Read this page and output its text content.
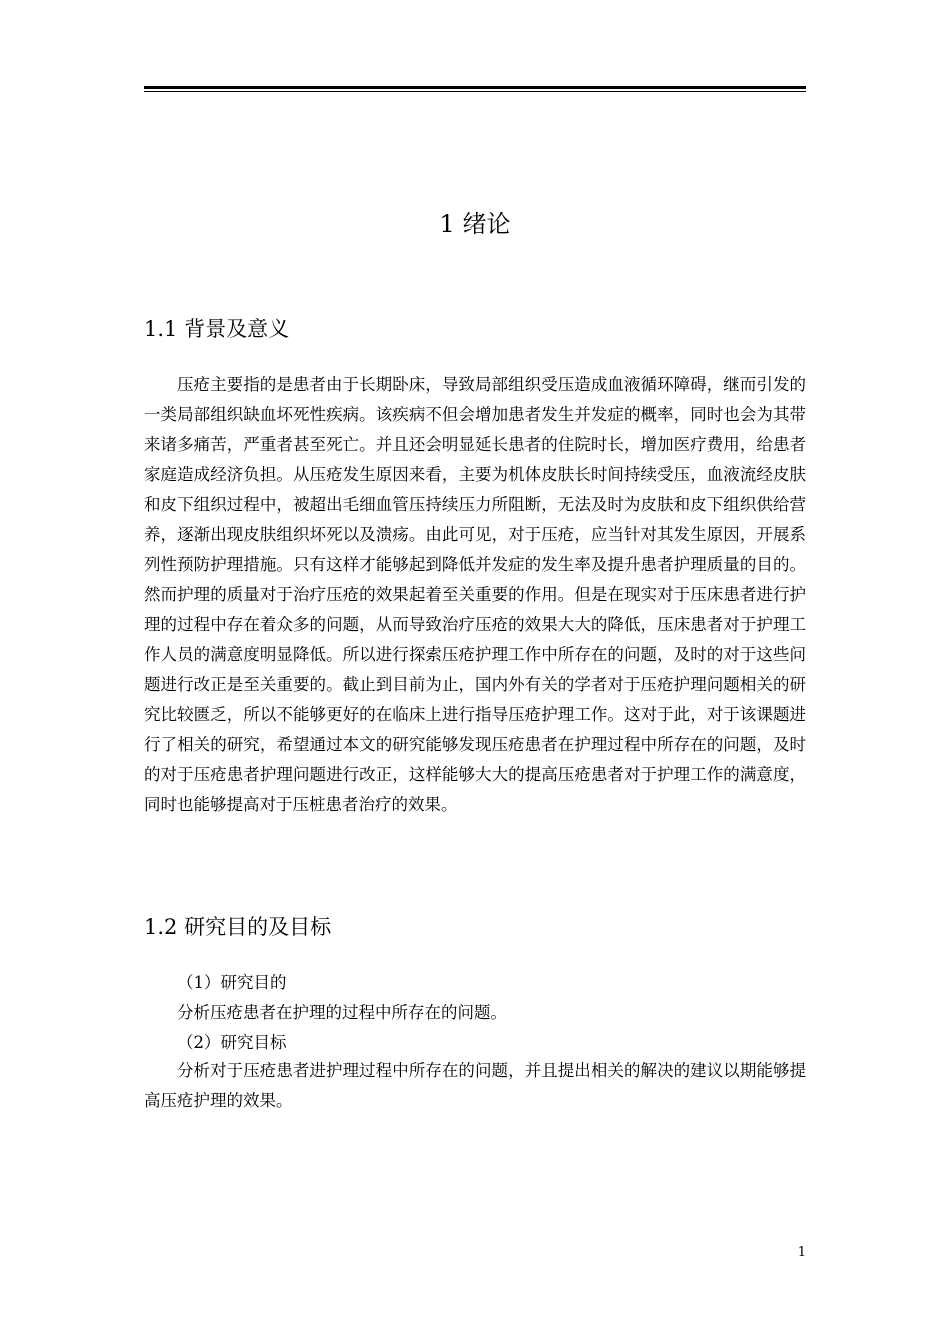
1 绪论
1.1 背景及意义

压疮主要指的是患者由于长期卧床，导致局部组织受压造成血液循环障碍，继而引发的一类局部组织缺血坏死性疾病。该疾病不但会增加患者发生并发症的概率，同时也会为其带来诸多痛苦，严重者甚至死亡。并且还会明显延长患者的住院时长，增加医疗费用，给患者家庭造成经济负担。从压疮发生原因来看，主要为机体皮肤长时间持续受压，血液流经皮肤和皮下组织过程中，被超出毛细血管压持续压力所阻断，无法及时为皮肤和皮下组织供给营养，逐渐出现皮肤组织坏死以及溃疡。由此可见，对于压疮，应当针对其发生原因，开展系列性预防护理措施。只有这样才能够起到降低并发症的发生率及提升患者护理质量的目的。然而护理的质量对于治疗压疮的效果起着至关重要的作用。但是在现实对于压床患者进行护理的过程中存在着众多的问题，从而导致治疗压疮的效果大大的降低，压床患者对于护理工作人员的满意度明显降低。所以进行探索压疮护理工作中所存在的问题，及时的对于这些问题进行改正是至关重要的。截止到目前为止，国内外有关的学者对于压疮护理问题相关的研究比较匮乏，所以不能够更好的在临床上进行指导压疮护理工作。这对于此，对于该课题进行了相关的研究，希望通过本文的研究能够发现压疮患者在护理过程中所存在的问题，及时的对于压疮患者护理问题进行改正，这样能够大大的提高压疮患者对于护理工作的满意度，同时也能够提高对于压桩患者治疗的效果。

1.2 研究目的及目标
（1）研究目的
分析压疮患者在护理的过程中所存在的问题。
（2）研究目标

分析对于压疮患者进护理过程中所存在的问题，并且提出相关的解决的建议以期能够提高压疮护理的效果。

1
